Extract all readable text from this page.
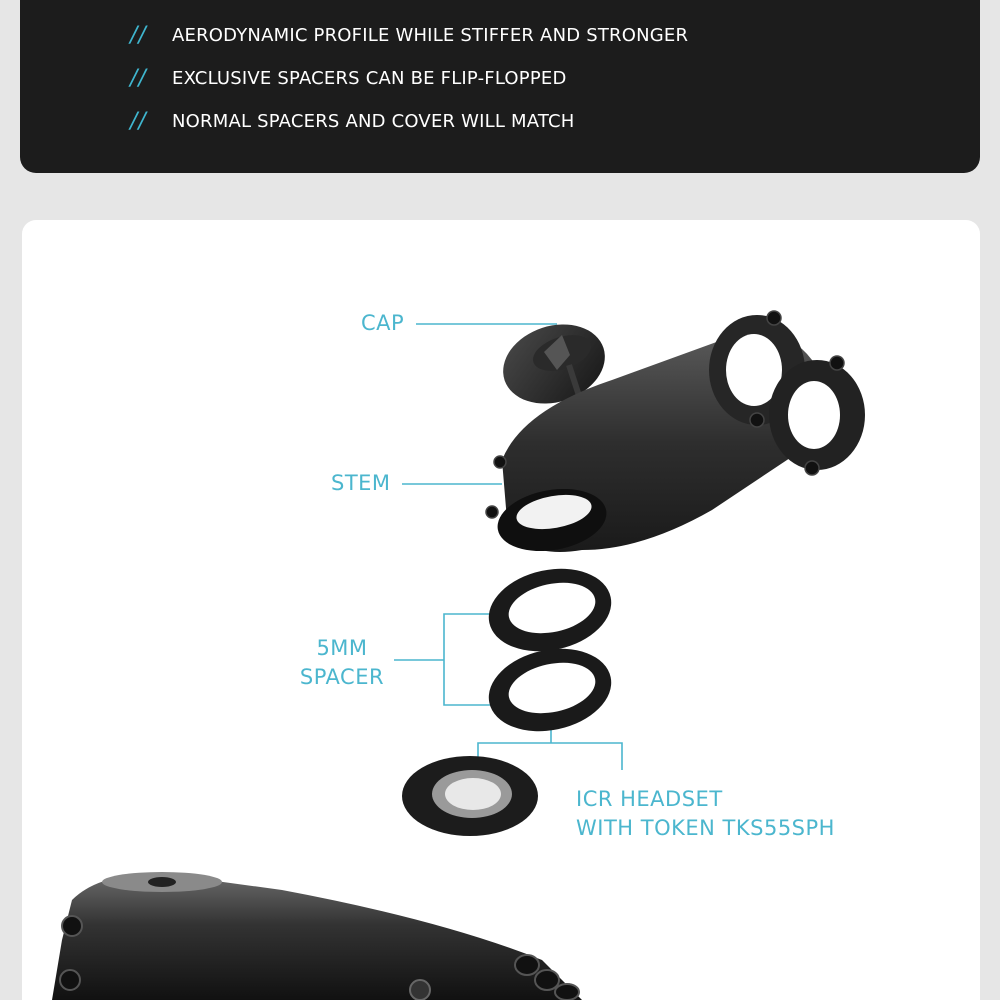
//	AERODYNAMIC PROFILE WHILE STIFFER AND STRONGER
//	EXCLUSIVE SPACERS CAN BE FLIP-FLOPPED
//	NORMAL SPACERS AND COVER WILL MATCH
CAP
STEM
5MM
SPACER
ICR HEADSET
WITH TOKEN TKS55SPH
